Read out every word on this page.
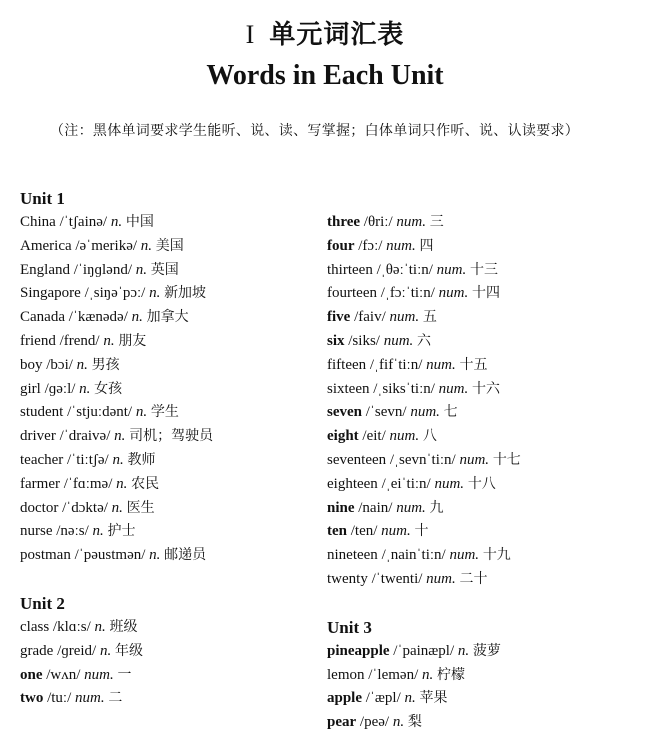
I 单元词汇表
Words in Each Unit
（注：黑体单词要求学生能听、说、读、写掌握；白体单词只作听、说、认读要求）
Unit 1
China /ˈtʃainə/ n. 中国
America /əˈmerikə/ n. 美国
England /ˈiŋɡlənd/ n. 英国
Singapore /ˌsiŋəˈpɔː/ n. 新加坡
Canada /ˈkænədə/ n. 加拿大
friend /frend/ n. 朋友
boy /bɔi/ n. 男孩
girl /ɡəːl/ n. 女孩
student /ˈstjuːdənt/ n. 学生
driver /ˈdraivə/ n. 司机；驾驶员
teacher /ˈtiːtʃə/ n. 教师
farmer /ˈfɑːmə/ n. 农民
doctor /ˈdɔktə/ n. 医生
nurse /nəːs/ n. 护士
postman /ˈpəustmən/ n. 邮递员
Unit 2
class /klɑːs/ n. 班级
grade /ɡreid/ n. 年级
one /wʌn/ num. 一
two /tuː/ num. 二
three /θriː/ num. 三
four /fɔː/ num. 四
thirteen /ˌθəːˈtiːn/ num. 十三
fourteen /ˌfɔːˈtiːn/ num. 十四
five /faiv/ num. 五
six /siks/ num. 六
fifteen /ˌfifˈtiːn/ num. 十五
sixteen /ˌsiksˈtiːn/ num. 十六
seven /ˈsevn/ num. 七
eight /eit/ num. 八
seventeen /ˌsevnˈtiːn/ num. 十七
eighteen /ˌeiˈtiːn/ num. 十八
nine /nain/ num. 九
ten /ten/ num. 十
nineteen /ˌnainˈtiːn/ num. 十九
twenty /ˈtwenti/ num. 二十
Unit 3
pineapple /ˈpainæpl/ n. 菠萝
lemon /ˈlemən/ n. 柠檬
apple /ˈæpl/ n. 苹果
pear /peə/ n. 梨
